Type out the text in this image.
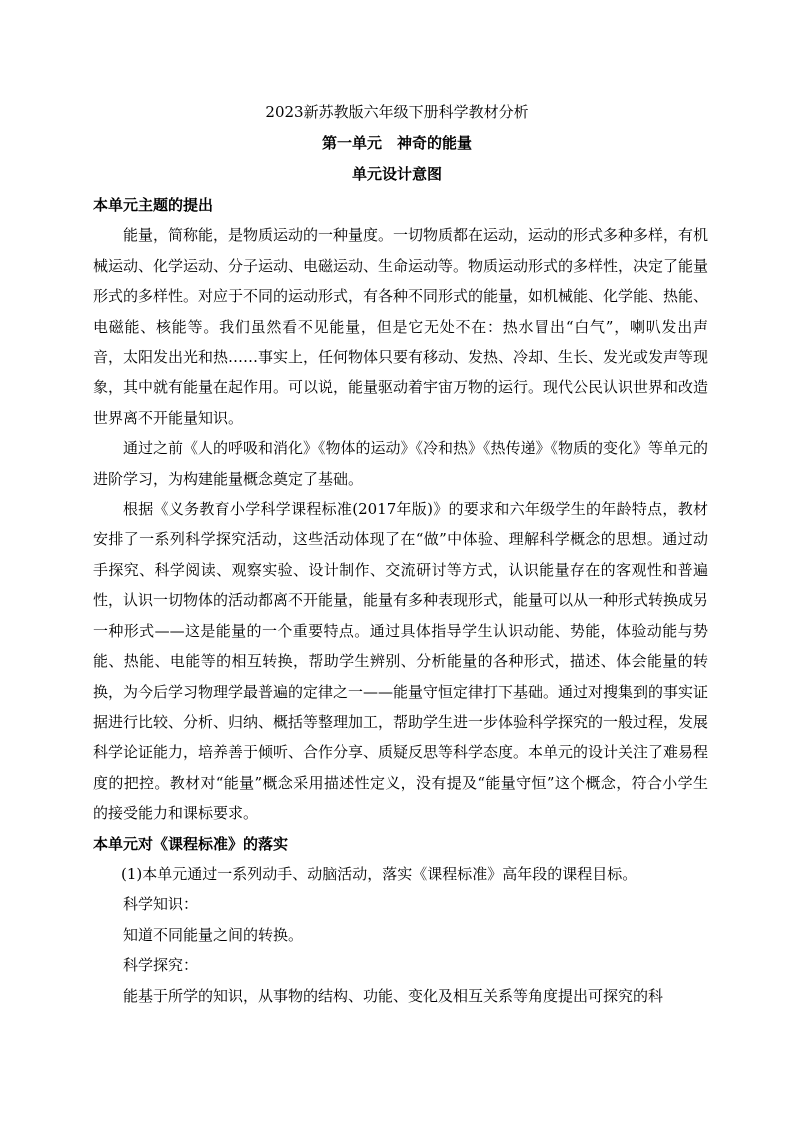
2023新苏教版六年级下册科学教材分析
第一单元　神奇的能量
单元设计意图
本单元主题的提出

能量，简称能，是物质运动的一种量度。一切物质都在运动，运动的形式多种多样，有机械运动、化学运动、分子运动、电磁运动、生命运动等。物质运动形式的多样性，决定了能量形式的多样性。对应于不同的运动形式，有各种不同形式的能量，如机械能、化学能、热能、电磁能、核能等。我们虽然看不见能量，但是它无处不在：热水冒出“白气”，喇叭发出声音，太阳发出光和热……事实上，任何物体只要有移动、发热、冷却、生长、发光或发声等现象，其中就有能量在起作用。可以说，能量驱动着宇宙万物的运行。现代公民认识世界和改造世界离不开能量知识。

通过之前《人的呼吸和消化》《物体的运动》《冷和热》《热传递》《物质的变化》等单元的进阶学习，为构建能量概念奠定了基础。

根据《义务教育小学科学课程标准(2017年版)》的要求和六年级学生的年龄特点，教材安排了一系列科学探究活动，这些活动体现了在“做”中体验、理解科学概念的思想。通过动手探究、科学阅读、观察实验、设计制作、交流研讨等方式，认识能量存在的客观性和普遍性，认识一切物体的活动都离不开能量，能量有多种表现形式，能量可以从一种形式转换成另一种形式——这是能量的一个重要特点。通过具体指导学生认识动能、势能，体验动能与势能、热能、电能等的相互转换，帮助学生辨别、分析能量的各种形式，描述、体会能量的转换，为今后学习物理学最普遍的定律之一——能量守恒定律打下基础。通过对搜集到的事实证据进行比较、分析、归纳、概括等整理加工，帮助学生进一步体验科学探究的一般过程，发展科学论证能力，培养善于倾听、合作分享、质疑反思等科学态度。本单元的设计关注了难易程度的把控。教材对“能量”概念采用描述性定义，没有提及“能量守恒”这个概念，符合小学生的接受能力和课标要求。

本单元对《课程标准》的落实
(1)本单元通过一系列动手、动脑活动，落实《课程标准》高年段的课程目标。
科学知识：
知道不同能量之间的转换。
科学探究：
能基于所学的知识，从事物的结构、功能、变化及相互关系等角度提出可探究的科
